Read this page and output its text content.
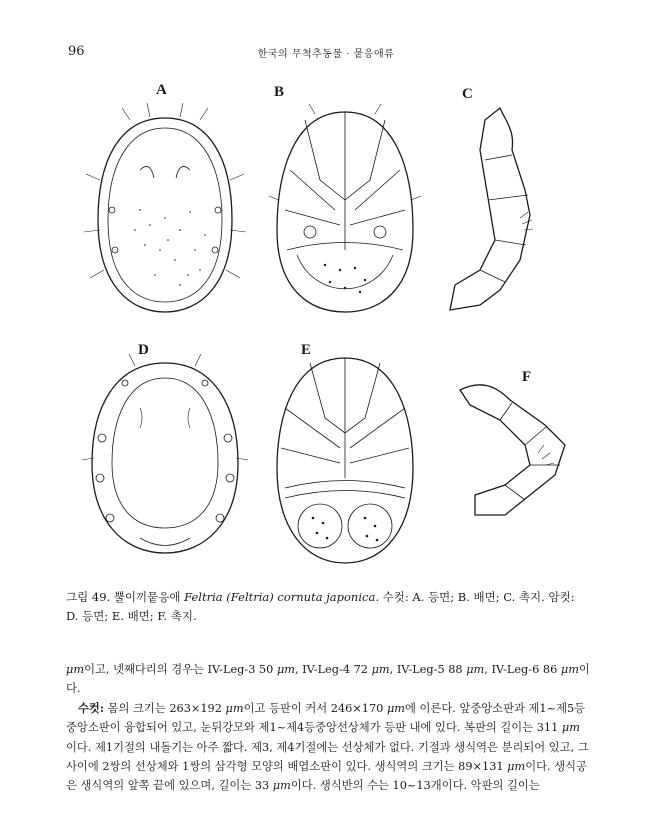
96	한국의 무척추동물 · 뭍응애류
A	B	C
D	E
F
그림 49. 뿔이끼뭍응애 Feltria (Feltria) cornuta japonica. 수컷: A. 등면; B. 배면; C. 촉지. 암컷: D. 등면; E. 배면; F. 촉지.

μm이고, 넷째다리의 경우는 IV-Leg-3 50 μm, IV-Leg-4 72 μm, IV-Leg-5 88 μm, IV-Leg-6 86 μm이다.

수컷: 몸의 크기는 263×192 μm이고 등판이 커서 246×170 μm에 이른다. 앞중앙소판과 제1~제5등중앙소판이 융합되어 있고, 눈뒤강모와 제1~제4등중앙선상체가 등판 내에 있다. 복판의 길이는 311 μm이다. 제1기절의 내돌기는 아주 짧다. 제3, 제4기절에는 선상체가 없다. 기절과 생식역은 분리되어 있고, 그 사이에 2쌍의 선상체와 1쌍의 삼각형 모양의 배엽소판이 있다. 생식역의 크기는 89×131 μm이다. 생식공은 생식역의 앞쪽 끝에 있으며, 길이는 33 μm이다. 생식반의 수는 10~13개이다. 악판의 길이는
